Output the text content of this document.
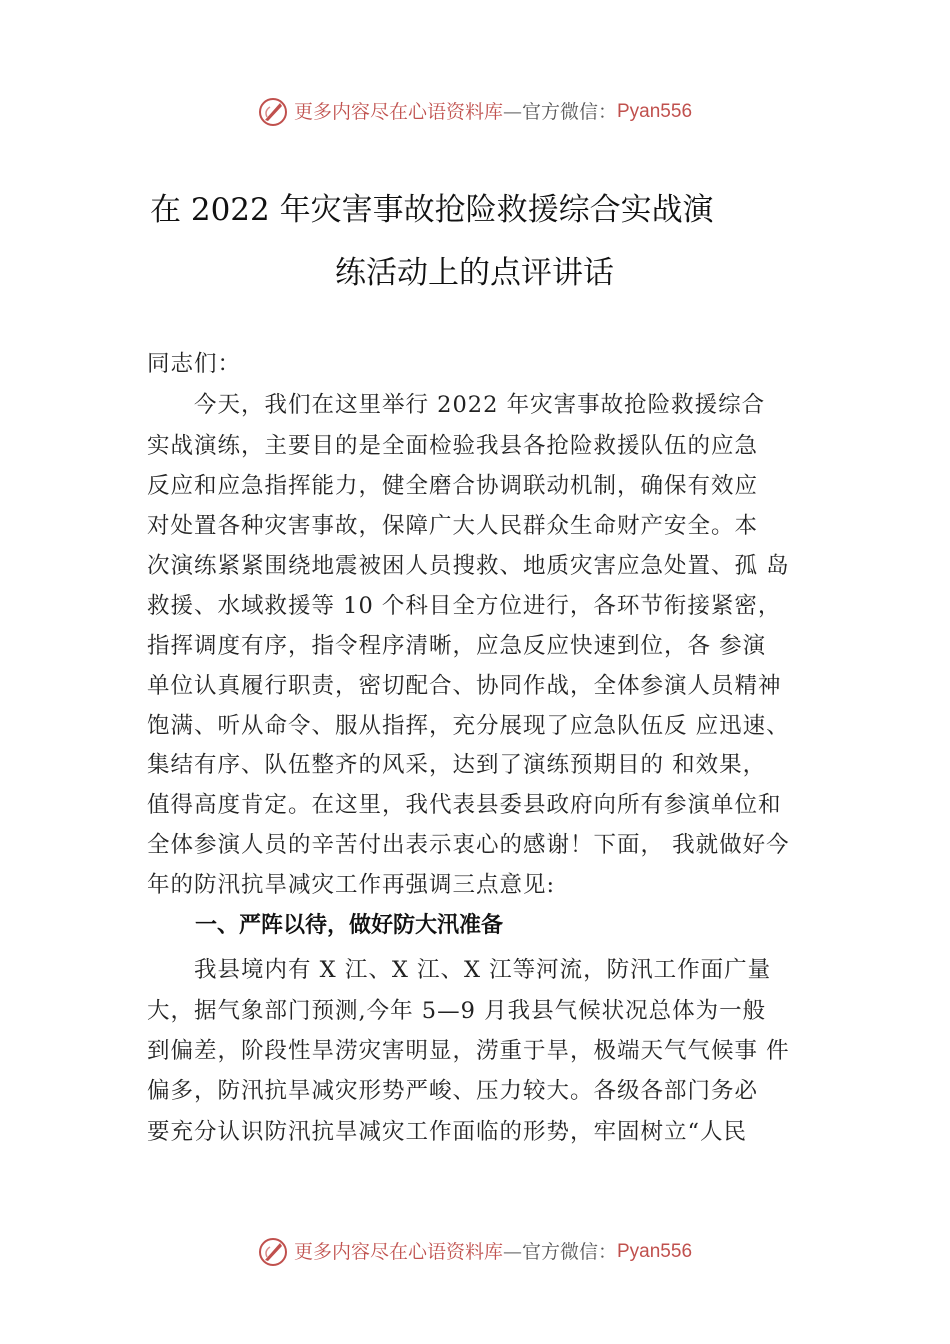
更多内容尽在心语资料库—官方微信：Pyan556
在 2022 年灾害事故抢险救援综合实战演
练活动上的点评讲话
同志们：
　　今天，我们在这里举行 2022 年灾害事故抢险救援综合
实战演练，主要目的是全面检验我县各抢险救援队伍的应急
反应和应急指挥能力，健全磨合协调联动机制，确保有效应
对处置各种灾害事故，保障广大人民群众生命财产安全。本
次演练紧紧围绕地震被困人员搜救、地质灾害应急处置、孤 岛
救援、水域救援等 10 个科目全方位进行，各环节衔接紧密，
指挥调度有序，指令程序清晰，应急反应快速到位，各 参演
单位认真履行职责，密切配合、协同作战，全体参演人员精神
饱满、听从命令、服从指挥，充分展现了应急队伍反 应迅速、
集结有序、队伍整齐的风采，达到了演练预期目的 和效果，
值得高度肯定。在这里，我代表县委县政府向所有参演单位和
全体参演人员的辛苦付出表示衷心的感谢！下面， 我就做好今
年的防汛抗旱减灾工作再强调三点意见:
一、严阵以待，做好防大汛准备
　　我县境内有 X 江、X 江、X 江等河流，防汛工作面广量
大，据气象部门预测,今年 5—9 月我县气候状况总体为一般
到偏差，阶段性旱涝灾害明显，涝重于旱，极端天气气候事 件
偏多，防汛抗旱减灾形势严峻、压力较大。各级各部门务必
要充分认识防汛抗旱减灾工作面临的形势，牢固树立“人民
更多内容尽在心语资料库—官方微信：Pyan556
